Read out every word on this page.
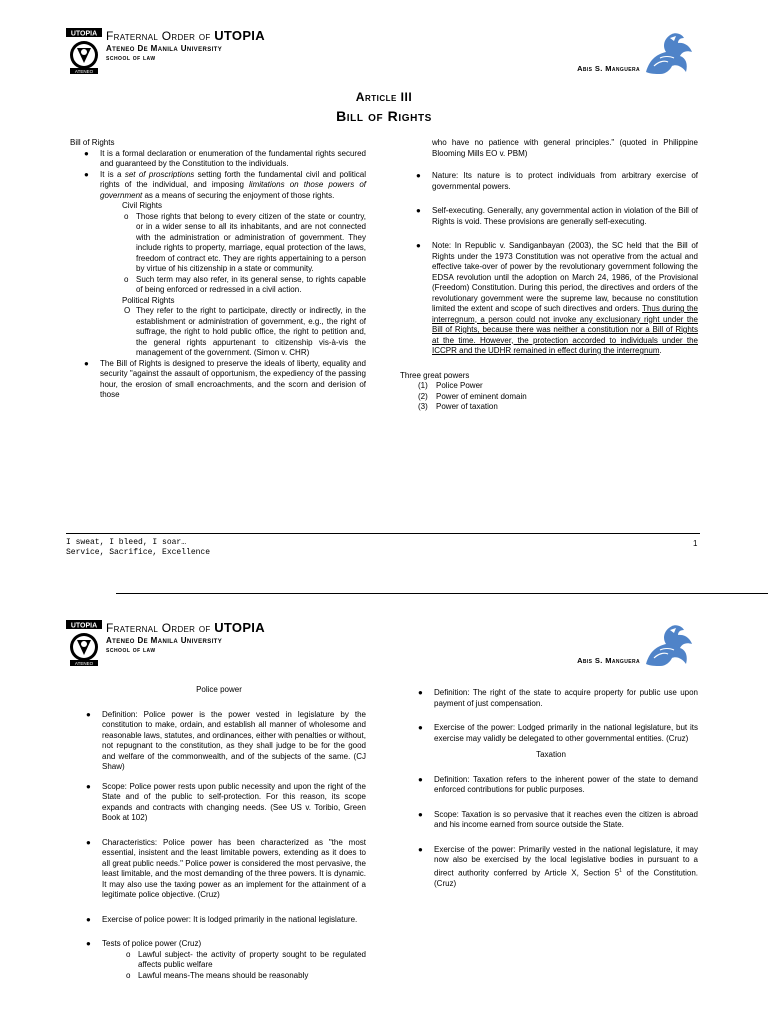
UTOPIA
ATENEO
Fraternal Order of UTOPIA
Ateneo De Manila University
school of law
Abis S. Manguera
Article III
Bill of Rights

Bill of Rights

● It is a formal declaration or enumeration of the fundamental rights secured and guaranteed by the Constitution to the individuals.
● It is a set of proscriptions setting forth the fundamental civil and political rights of the individual, and imposing limitations on those powers of government as a means of securing the enjoyment of those rights.

Civil Rights

o Those rights that belong to every citizen of the state or country, or in a wider sense to all its inhabitants, and are not connected with the administration or administration of government. They include rights to property, marriage, equal protection of the laws, freedom of contract etc. They are rights appertaining to a person by virtue of his citizenship in a state or community.
o Such term may also refer, in its general sense, to rights capable of being enforced or redressed in a civil action.

Political Rights

O They refer to the right to participate, directly or indirectly, in the establishment or administration of government, e.g., the right of suffrage, the right to hold public office, the right to petition and, the general rights appurtenant to citizenship vis-à-vis the management of the government. (Simon v. CHR)
● The Bill of Rights is designed to preserve the ideals of liberty, equality and security "against the assault of opportunism, the expediency of the passing hour, the erosion of small encroachments, and the scorn and derision of those

who have no patience with general principles." (quoted in Philippine Blooming Mills EO v. PBM)

● Nature: Its nature is to protect individuals from arbitrary exercise of governmental powers.
● Self-executing. Generally, any governmental action in violation of the Bill of Rights is void. These provisions are generally self-executing.
● Note: In Republic v. Sandiganbayan (2003), the SC held that the Bill of Rights under the 1973 Constitution was not operative from the actual and effective take-over of power by the revolutionary government following the EDSA revolution until the adoption on March 24, 1986, of the Provisional (Freedom) Constitution. During this period, the directives and orders of the revolutionary government were the supreme law, because no constitution limited the extent and scope of such directives and orders. Thus during the interregnum, a person could not invoke any exclusionary right under the Bill of Rights, because there was neither a constitution nor a Bill of Rights at the time. However, the protection accorded to individuals under the ICCPR and the UDHR remained in effect during the interregnum.

Three great powers

(1) Police Power
(2) Power of eminent domain
(3) Power of taxation
I sweat, I bleed, I soar…
Service, Sacrifice, Excellence
1
UTOPIA
ATENEO
Fraternal Order of UTOPIA
Ateneo De Manila University
school of law
Abis S. Manguera

Police power

● Definition: Police power is the power vested in legislature by the constitution to make, ordain, and establish all manner of wholesome and reasonable laws, statutes, and ordinances, either with penalties or without, not repugnant to the constitution, as they shall judge to be for the good and welfare of the commonwealth, and of the subjects of the same. (CJ Shaw)
● Scope: Police power rests upon public necessity and upon the right of the State and of the public to self-protection. For this reason, its scope expands and contracts with changing needs. (See US v. Toribio, Green Book at 102)
● Characteristics: Police power has been characterized as "the most essential, insistent and the least limitable powers, extending as it does to all great public needs." Police power is considered the most pervasive, the least limitable, and the most demanding of the three powers. It is dynamic. It may also use the taxing power as an implement for the attainment of a legitimate police objective. (Cruz)
● Exercise of police power: It is lodged primarily in the national legislature.
● Tests of police power (Cruz)
o Lawful subject- the activity of property sought to be regulated affects public welfare
o Lawful means-The means should be reasonably
● Definition: The right of the state to acquire property for public use upon payment of just compensation.
● Exercise of the power: Lodged primarily in the national legislature, but its exercise may validly be delegated to other governmental entities. (Cruz)

Taxation

● Definition: Taxation refers to the inherent power of the state to demand enforced contributions for public purposes.
● Scope: Taxation is so pervasive that it reaches even the citizen is abroad and his income earned from source outside the State.
● Exercise of the power: Primarily vested in the national legislature, it may now also be exercised by the local legislative bodies in pursuant to a direct authority conferred by Article X, Section $5^1$ of the Constitution. (Cruz)
